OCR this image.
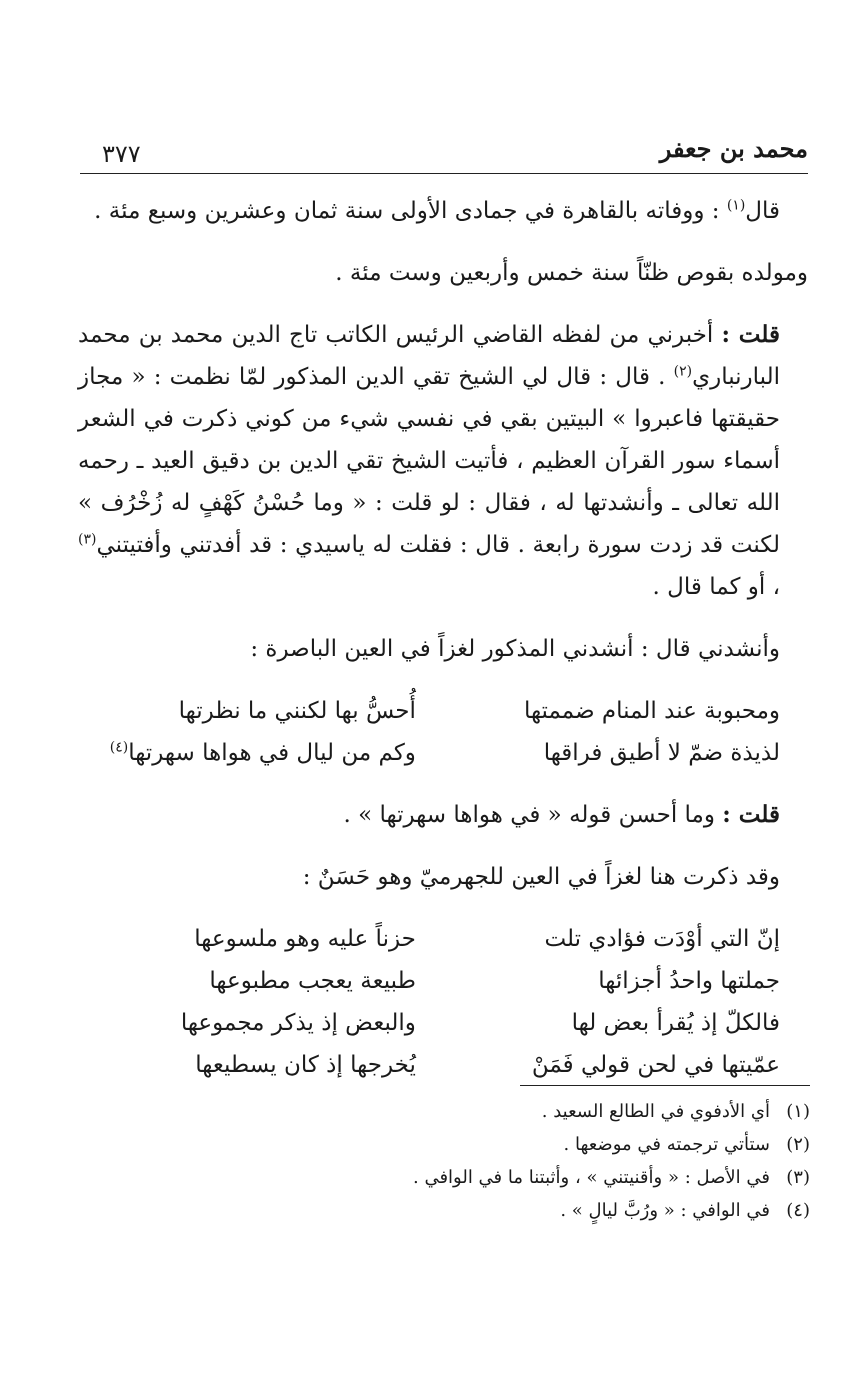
محمد بن جعفر
٣٧٧

قال$^{(١)}$ : ووفاته بالقاهرة في جمادى الأولى سنة ثمان وعشرين وسبع مئة .

ومولده بقوص ظنّاً سنة خمس وأربعين وست مئة .

قلت : أخبرني من لفظه القاضي الرئيس الكاتب تاج الدين محمد بن محمد البارنباري$^{(٢)}$ . قال : قال لي الشيخ تقي الدين المذكور لمّا نظمت : « مجاز حقيقتها فاعبروا » البيتين بقي في نفسي شيء من كوني ذكرت في الشعر أسماء سور القرآن العظيم ، فأتيت الشيخ تقي الدين بن دقيق العيد ـ رحمه الله تعالى ـ وأنشدتها له ، فقال : لو قلت : « وما حُسْنُ كَهْفٍ له زُخْرُف » لكنت قد زدت سورة رابعة . قال : فقلت له ياسيدي : قد أفدتني وأفتيتني$^{(٣)}$ ، أو كما قال .

وأنشدني قال : أنشدني المذكور لغزاً في العين الباصرة :

ومحبوبة عند المنام ضممتها
أُحسُّ بها لكنني ما نظرتها
لذيذة ضمّ لا أطيق فراقها
وكم من ليال في هواها سهرتها$^{(٤)}$

قلت : وما أحسن قوله « في هواها سهرتها » .

وقد ذكرت هنا لغزاً في العين للجهرميّ وهو حَسَنٌ :

إنّ التي أوْدَت فؤادي تلت
حزناً عليه وهو ملسوعها
جملتها واحدُ أجزائها
طبيعة يعجب مطبوعها
فالكلّ إذ يُقرأ بعض لها
والبعض إذ يذكر مجموعها
عمّيتها في لحن قولي فَمَنْ
يُخرجها إذ كان يسطيعها
(١)
أي الأدفوي في الطالع السعيد .
(٢)
ستأتي ترجمته في موضعها .
(٣)
في الأصل : « وأقنيتني » ، وأثبتنا ما في الوافي .
(٤)
في الوافي : « ورُبَّ ليالٍ » .
